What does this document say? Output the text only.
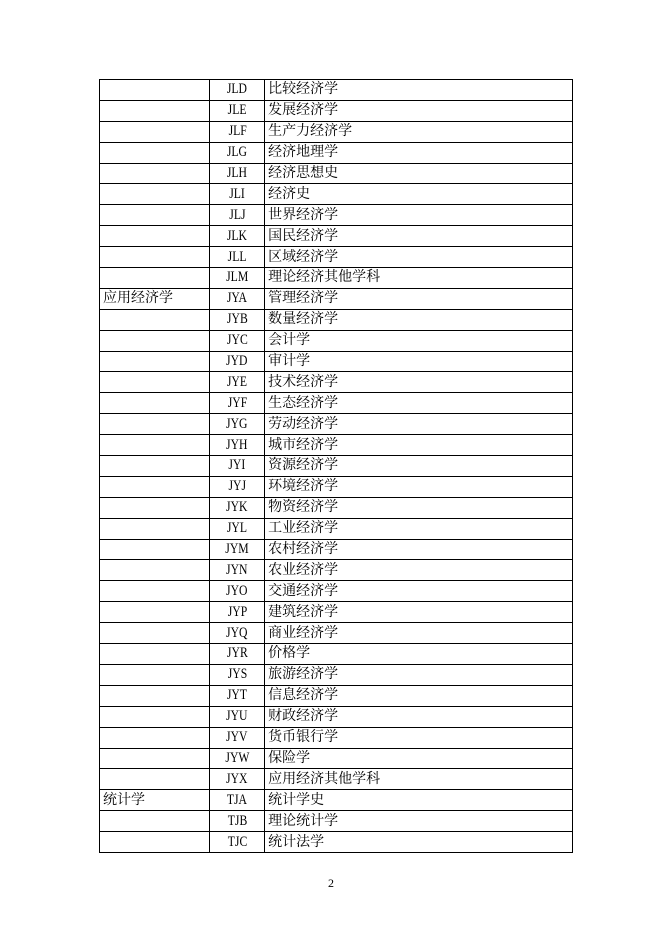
	JLD	比较经济学
	JLE	发展经济学
	JLF	生产力经济学
	JLG	经济地理学
	JLH	经济思想史
	JLI	经济史
	JLJ	世界经济学
	JLK	国民经济学
	JLL	区域经济学
	JLM	理论经济其他学科
应用经济学	JYA	管理经济学
	JYB	数量经济学
	JYC	会计学
	JYD	审计学
	JYE	技术经济学
	JYF	生态经济学
	JYG	劳动经济学
	JYH	城市经济学
	JYI	资源经济学
	JYJ	环境经济学
	JYK	物资经济学
	JYL	工业经济学
	JYM	农村经济学
	JYN	农业经济学
	JYO	交通经济学
	JYP	建筑经济学
	JYQ	商业经济学
	JYR	价格学
	JYS	旅游经济学
	JYT	信息经济学
	JYU	财政经济学
	JYV	货币银行学
	JYW	保险学
	JYX	应用经济其他学科
统计学	TJA	统计学史
	TJB	理论统计学
	TJC	统计法学
2
